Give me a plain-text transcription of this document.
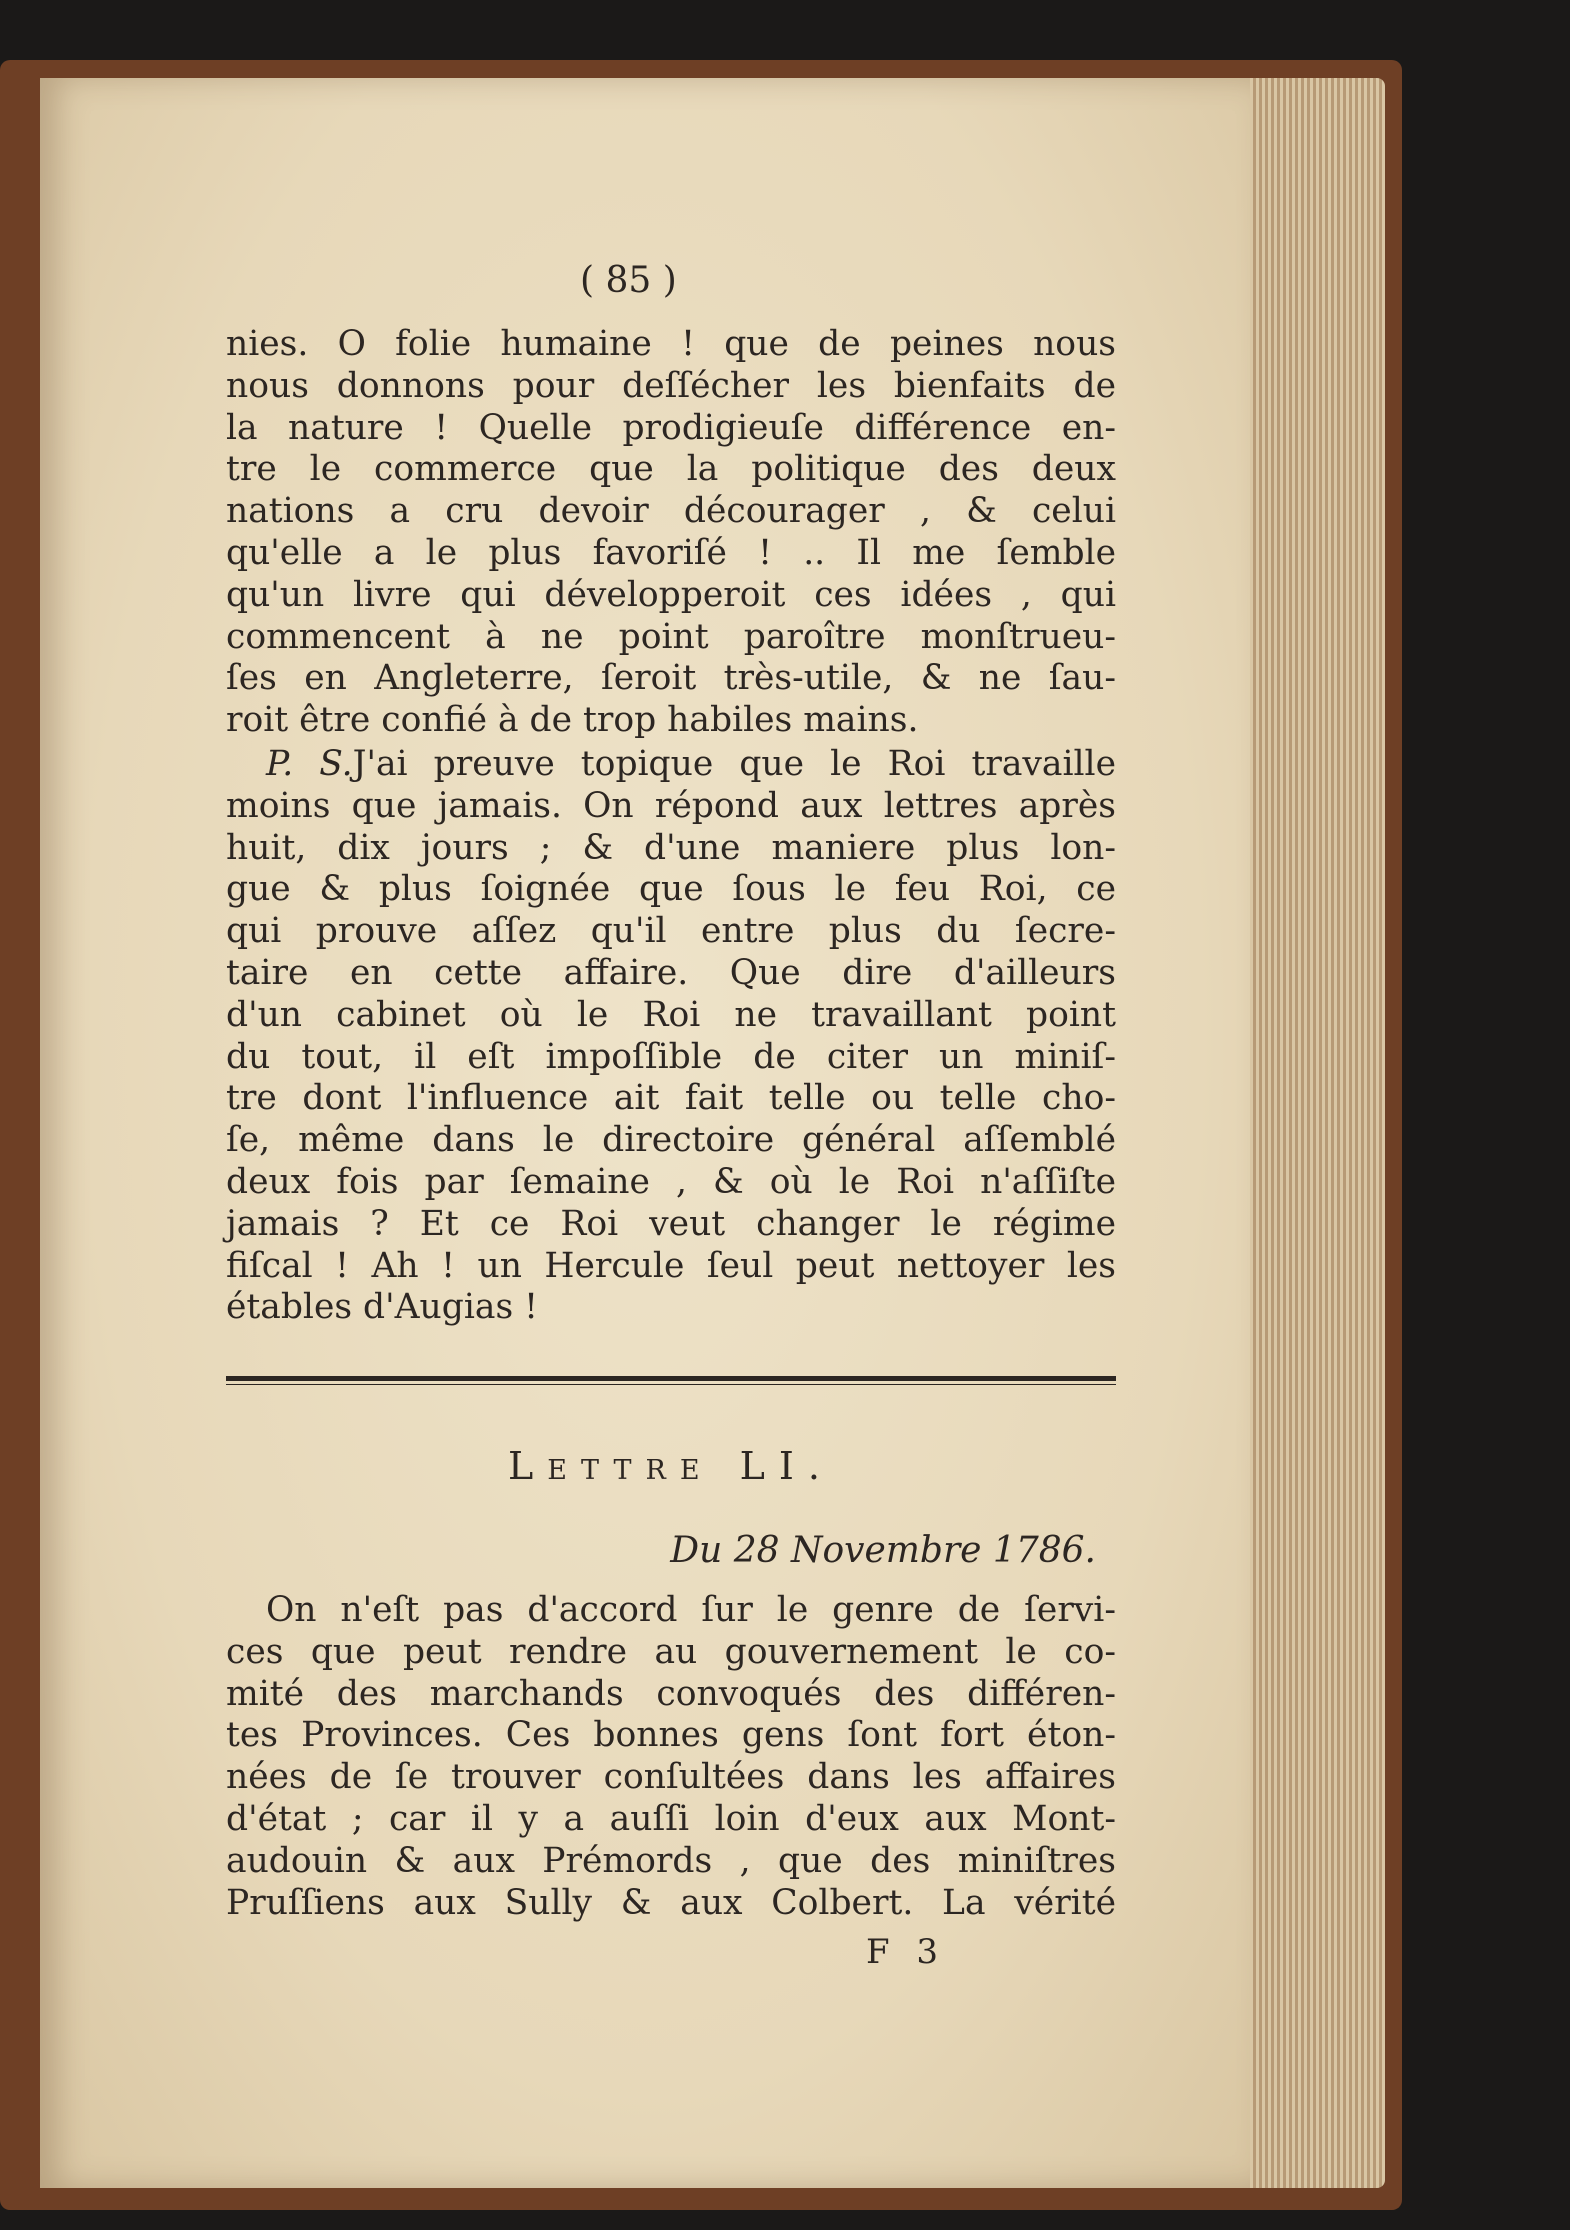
( 85 )
nies. O folie humaine ! que de peines nous
nous donnons pour deſſécher les bienfaits de
la nature ! Quelle prodigieuſe différence en-
tre le commerce que la politique des deux
nations a cru devoir décourager , & celui
qu'elle a le plus favoriſé ! .. Il me ſemble
qu'un livre qui développeroit ces idées , qui
commencent à ne point paroître monſtrueu-
ſes en Angleterre, ſeroit très-utile, & ne ſau-
roit être confié à de trop habiles mains.
P. S.J'ai preuve topique que le Roi travaille
moins que jamais. On répond aux lettres après
huit, dix jours ; & d'une maniere plus lon-
gue & plus ſoignée que ſous le feu Roi, ce
qui prouve aſſez qu'il entre plus du ſecre-
taire en cette affaire. Que dire d'ailleurs
d'un cabinet où le Roi ne travaillant point
du tout, il eſt impoſſible de citer un miniſ-
tre dont l'influence ait fait telle ou telle cho-
ſe, même dans le directoire général aſſemblé
deux fois par ſemaine , & où le Roi n'aſſiſte
jamais ? Et ce Roi veut changer le régime
fiſcal ! Ah ! un Hercule ſeul peut nettoyer les
étables d'Augias !
Lettre LI.
Du 28 Novembre 1786.
On n'eſt pas d'accord ſur le genre de ſervi-
ces que peut rendre au gouvernement le co-
mité des marchands convoqués des différen-
tes Provinces. Ces bonnes gens ſont fort éton-
nées de ſe trouver conſultées dans les affaires
d'état ; car il y a auſſi loin d'eux aux Mont-
audouin & aux Prémords , que des miniſtres
Pruſſiens aux Sully & aux Colbert. La vérité
F 3
